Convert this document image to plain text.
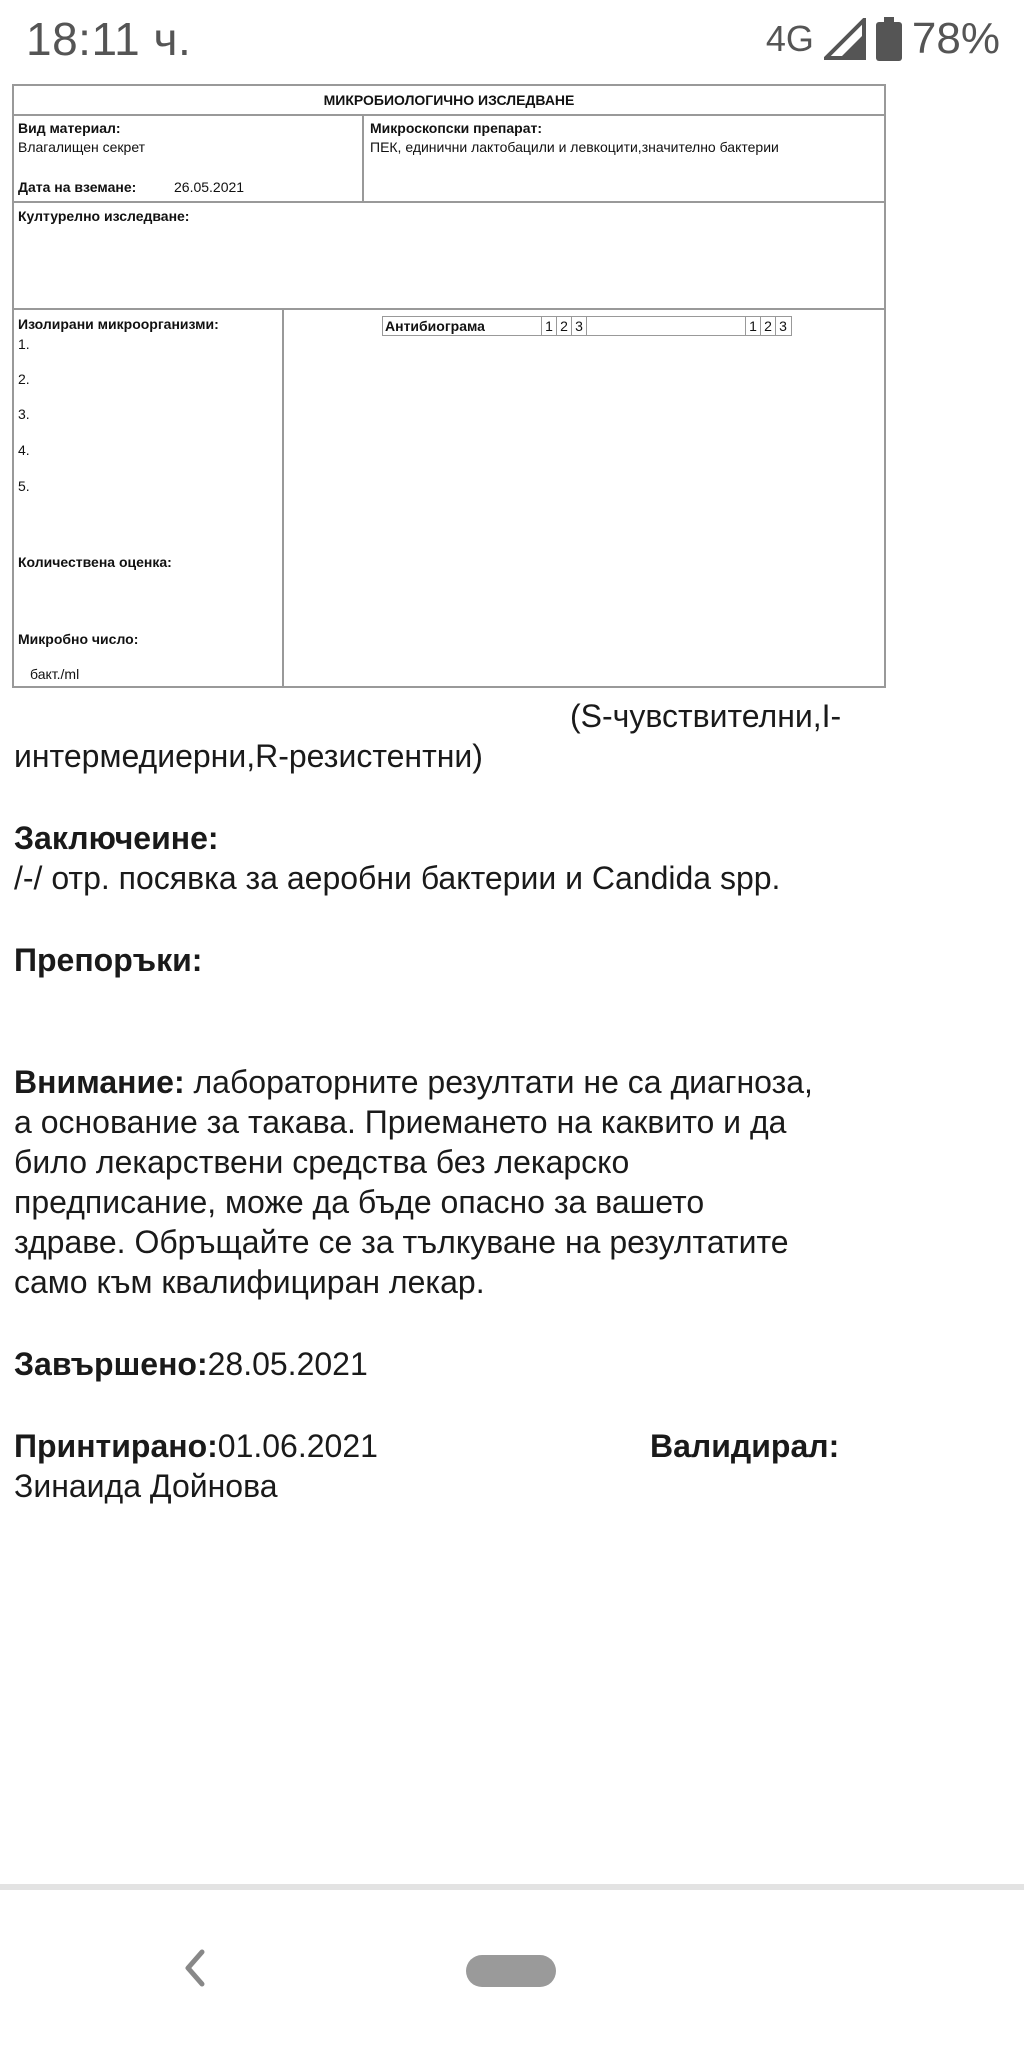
18:11 ч.	4G 78%
МИКРОБИОЛОГИЧНО ИЗСЛЕДВАНЕ
Вид материал:
Влагалищен секрет
Дата на вземане:	26.05.2021
Микроскопски препарат:
ПЕК, единични лактобацили и левкоцити,значително бактерии
Културелно изследване:
Изолирани микроорганизми:
1.
2.
3.
4.
5.
Количествена оценка:
Микробно число:
бакт./ml
Антибиограма	1 2 3	1 2 3
(S-чувствителни,I-
интермедиерни,R-резистентни)
Заключеине:
/-/ отр. посявка за аеробни бактерии и Candida spp.
Препоръки:
Внимание: лабораторните резултати не са диагноза,
а основание за такава. Приемането на каквито и да
било лекарствени средства без лекарско
предписание, може да бъде опасно за вашето
здраве. Обръщайте се за тълкуване на резултатите
само към квалифициран лекар.
Завършено:28.05.2021
Принтирано:01.06.2021	Валидирал:
Зинаида Дойнова
